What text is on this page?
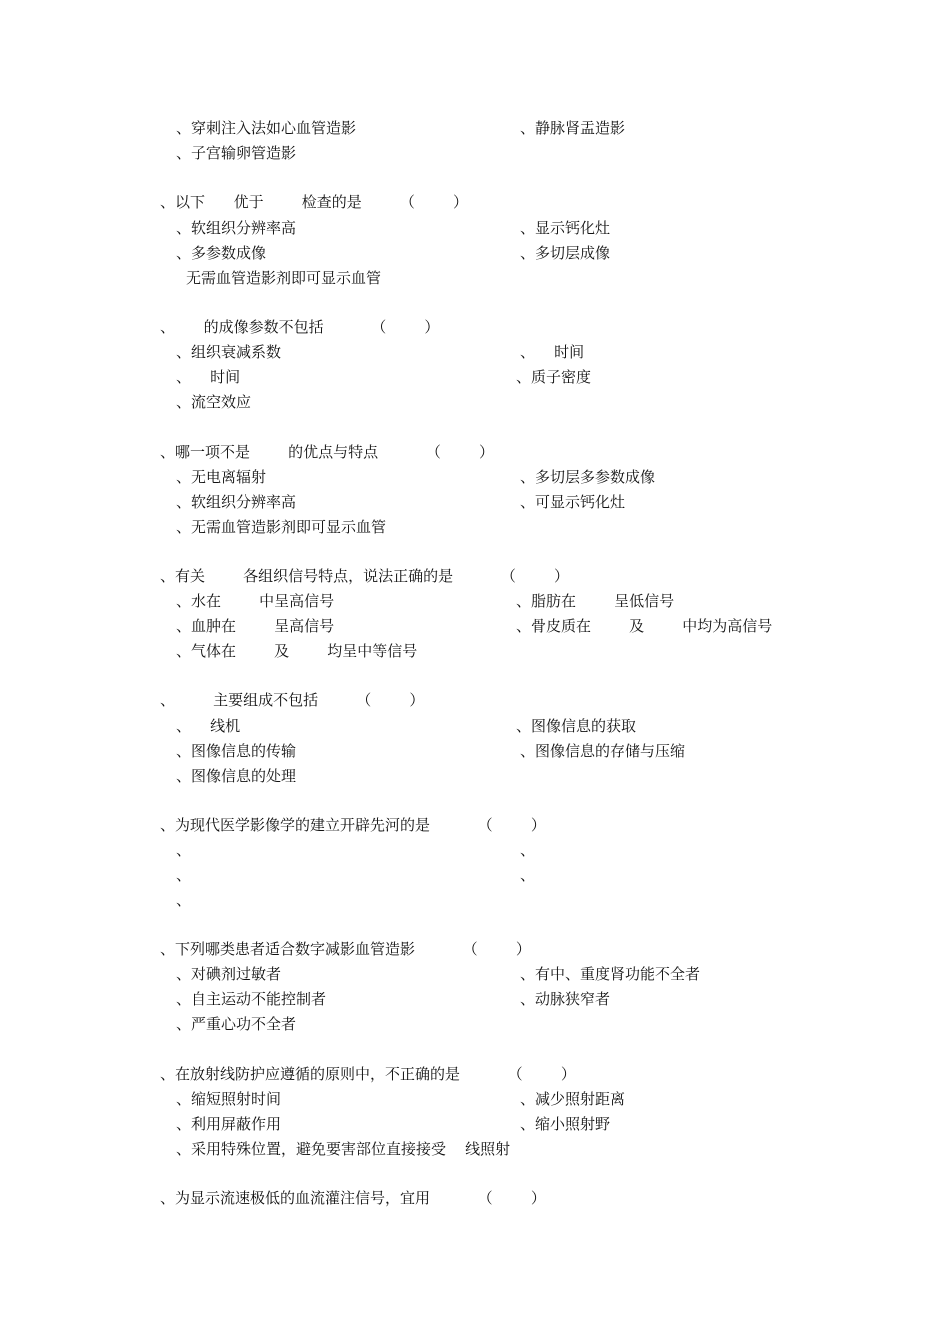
、穿刺注入法如心血管造影	、静脉肾盂造影
、子宫输卵管造影
、以下      优于        检查的是        （        ）
、软组织分辨率高	、显示钙化灶
、多参数成像	、多切层成像
无需血管造影剂即可显示血管
、      的成像参数不包括          （        ）
、组织衰减系数	、    时间
、    时间	、质子密度
、流空效应
、哪一项不是        的优点与特点          （        ）
、无电离辐射	、多切层多参数成像
、软组织分辨率高	、可显示钙化灶
、无需血管造影剂即可显示血管
、有关        各组织信号特点，说法正确的是          （        ）
、水在        中呈高信号	、脂肪在        呈低信号
、血肿在        呈高信号	、骨皮质在        及        中均为高信号
、气体在        及        均呈中等信号
、        主要组成不包括        （        ）
、    线机	、图像信息的获取
、图像信息的传输	、图像信息的存储与压缩
、图像信息的处理
、为现代医学影像学的建立开辟先河的是          （        ）
、	、
、	、
、
、下列哪类患者适合数字减影血管造影          （        ）
、对碘剂过敏者	、有中、重度肾功能不全者
、自主运动不能控制者	、动脉狭窄者
、严重心功不全者
、在放射线防护应遵循的原则中，不正确的是          （        ）
、缩短照射时间	、减少照射距离
、利用屏蔽作用	、缩小照射野
、采用特殊位置，避免要害部位直接接受    线照射
、为显示流速极低的血流灌注信号，宜用          （        ）
